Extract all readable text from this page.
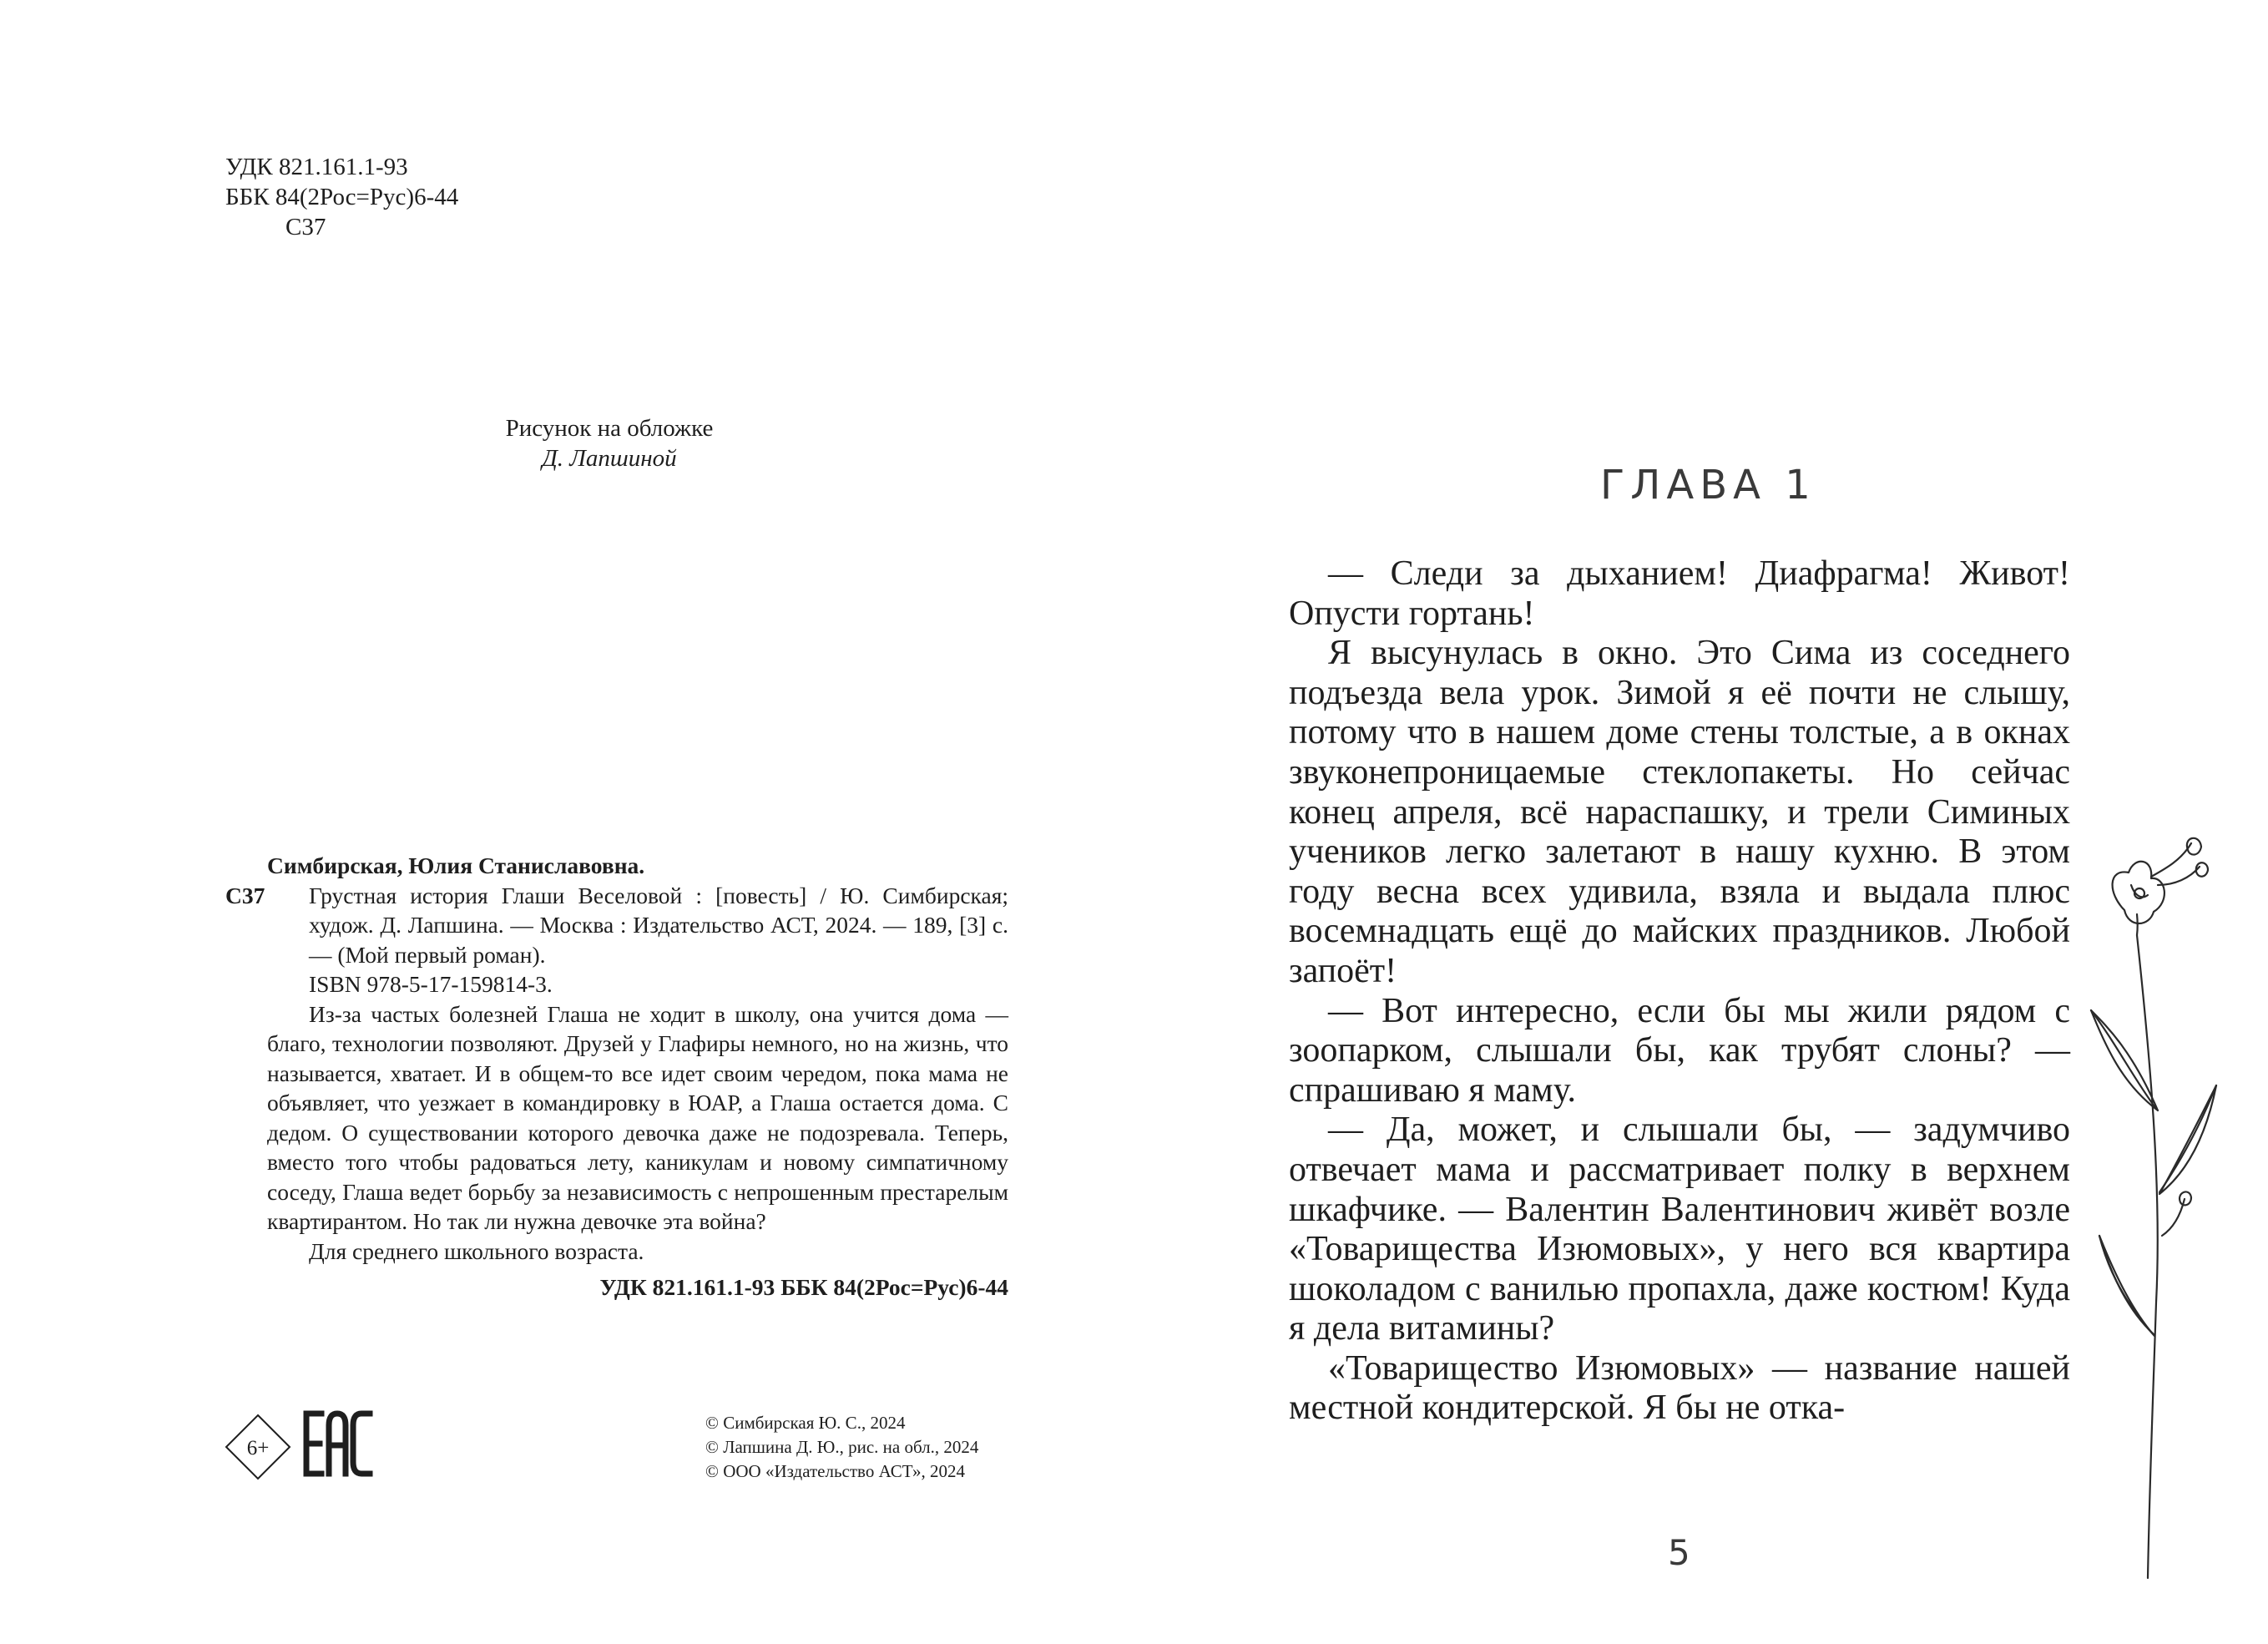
УДК 821.161.1-93
ББК 84(2Рос=Рус)6-44
С37
Рисунок на обложке
Д. Лапшиной
Симбирская, Юлия Станиславовна.
С37 Грустная история Глаши Веселовой : [повесть] / Ю. Симбирская; худож. Д. Лапшина. — Москва : Издательство АСТ, 2024. — 189, [3] с. — (Мой первый роман).
ISBN 978-5-17-159814-3.

Из-за частых болезней Глаша не ходит в школу, она учится дома — благо, технологии позволяют. Друзей у Глафиры немного, но на жизнь, что называется, хватает. И в общем-то все идет своим чередом, пока мама не объявляет, что уезжает в командировку в ЮАР, а Глаша остается дома. С дедом. О существовании которого девочка даже не подозревала. Теперь, вместо того чтобы радоваться лету, каникулам и новому симпатичному соседу, Глаша ведет борьбу за независимость с непрошенным престарелым квартирантом. Но так ли нужна девочке эта война?

Для среднего школьного возраста.

УДК 821.161.1-93 ББК 84(2Рос=Рус)6-44
6+
E
© Симбирская Ю. С., 2024
© Лапшина Д. Ю., рис. на обл., 2024
© ООО «Издательство АСТ», 2024
ГЛАВА 1

— Следи за дыханием! Диафрагма! Живот! Опусти гортань!

Я высунулась в окно. Это Сима из соседнего подъезда вела урок. Зимой я её почти не слышу, потому что в нашем доме стены толстые, а в окнах звуконепроницаемые стеклопакеты. Но сейчас конец апреля, всё нараспашку, и трели Симиных учеников легко залетают в нашу кухню. В этом году весна всех удивила, взяла и выдала плюс восемнадцать ещё до майских праздников. Любой запоёт!

— Вот интересно, если бы мы жили рядом с зоопарком, слышали бы, как трубят слоны? — спрашиваю я маму.

— Да, может, и слышали бы, — задумчиво отвечает мама и рассматривает полку в верхнем шкафчике. — Валентин Валентинович живёт возле «Товарищества Изюмовых», у него вся квартира шоколадом с ванилью пропахла, даже костюм! Куда я дела витамины?

«Товарищество Изюмовых» — название нашей местной кондитерской. Я бы не отка-

5
